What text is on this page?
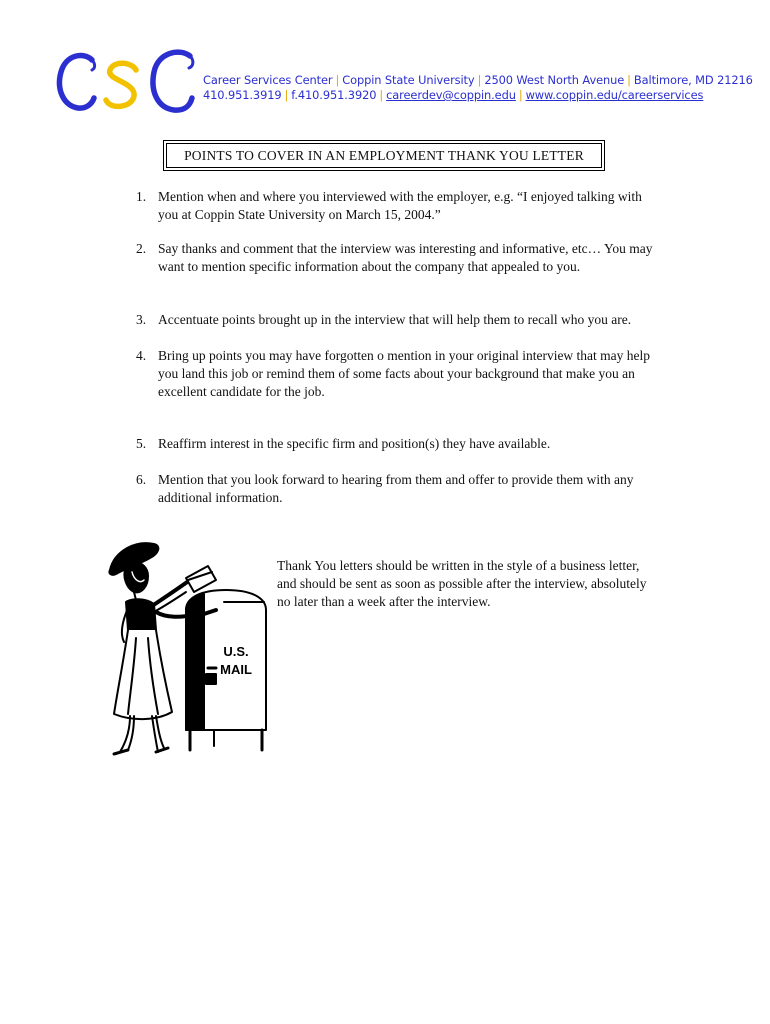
Career Services Center | Coppin State University | 2500 West North Avenue | Baltimore, MD 21216
410.951.3919 | f.410.951.3920 | careerdev@coppin.edu | www.coppin.edu/careerservices
POINTS TO COVER IN AN EMPLOYMENT THANK YOU LETTER
1. Mention when and where you interviewed with the employer, e.g. “I enjoyed talking with you at Coppin State University on March 15, 2004.”
2. Say thanks and comment that the interview was interesting and informative, etc… You may want to mention specific information about the company that appealed to you.
3. Accentuate points brought up in the interview that will help them to recall who you are.
4. Bring up points you may have forgotten o mention in your original interview that may help you land this job or remind them of some facts about your background that make you an excellent candidate for the job.
5. Reaffirm interest in the specific firm and position(s) they have available.
6. Mention that you look forward to hearing from them and offer to provide them with any additional information.
U.S.
MAIL
Thank You letters should be written in the style of a business letter, and should be sent as soon as possible after the interview, absolutely no later than a week after the interview.
